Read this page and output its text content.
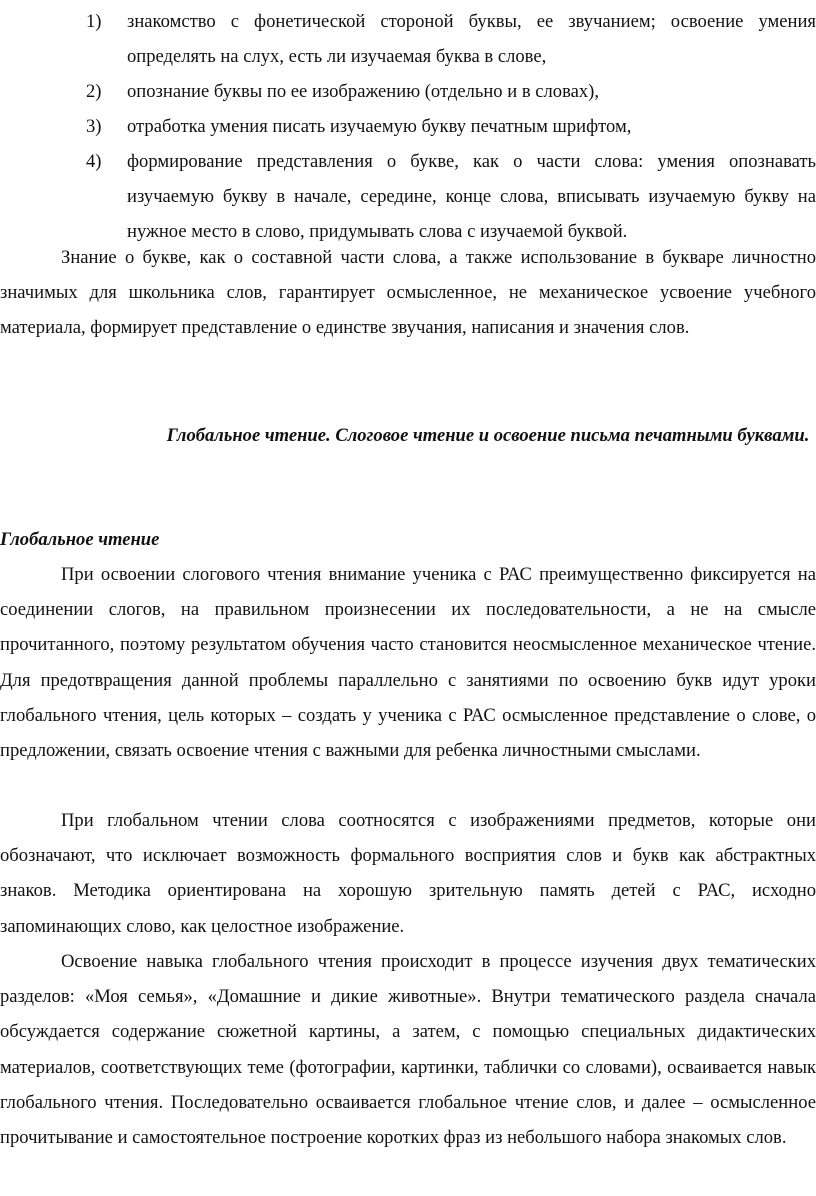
1) знакомство с фонетической стороной буквы, ее звучанием; освоение умения определять на слух, есть ли изучаемая буква в слове,
2) опознание буквы по ее изображению (отдельно и в словах),
3) отработка умения писать изучаемую букву печатным шрифтом,
4) формирование представления о букве, как о части слова: умения опознавать изучаемую букву в начале, середине, конце слова, вписывать изучаемую букву на нужное место в слово, придумывать слова с изучаемой буквой.

Знание о букве, как о составной части слова, а также использование в букваре личностно значимых для школьника слов, гарантирует осмысленное, не механическое усвоение учебного материала, формирует представление о единстве звучания, написания и значения слов.

Глобальное чтение. Слоговое чтение и освоение письма печатными буквами.

Глобальное чтение

При освоении слогового чтения внимание ученика с РАС преимущественно фиксируется на соединении слогов, на правильном произнесении их последовательности, а не на смысле прочитанного, поэтому результатом обучения часто становится неосмысленное механическое чтение. Для предотвращения данной проблемы параллельно с занятиями по освоению букв идут уроки глобального чтения, цель которых – создать у ученика с РАС осмысленное представление о слове, о предложении, связать освоение чтения с важными для ребенка личностными смыслами.

При глобальном чтении слова соотносятся с изображениями предметов, которые они обозначают, что исключает возможность формального восприятия слов и букв как абстрактных знаков. Методика ориентирована на хорошую зрительную память детей с РАС, исходно запоминающих слово, как целостное изображение.

Освоение навыка глобального чтения происходит в процессе изучения двух тематических разделов: «Моя семья», «Домашние и дикие животные». Внутри тематического раздела сначала обсуждается содержание сюжетной картины, а затем, с помощью специальных дидактических материалов, соответствующих теме (фотографии, картинки, таблички со словами), осваивается навык глобального чтения. Последовательно осваивается глобальное чтение слов, и далее – осмысленное прочитывание и самостоятельное построение коротких фраз из небольшого набора знакомых слов.
